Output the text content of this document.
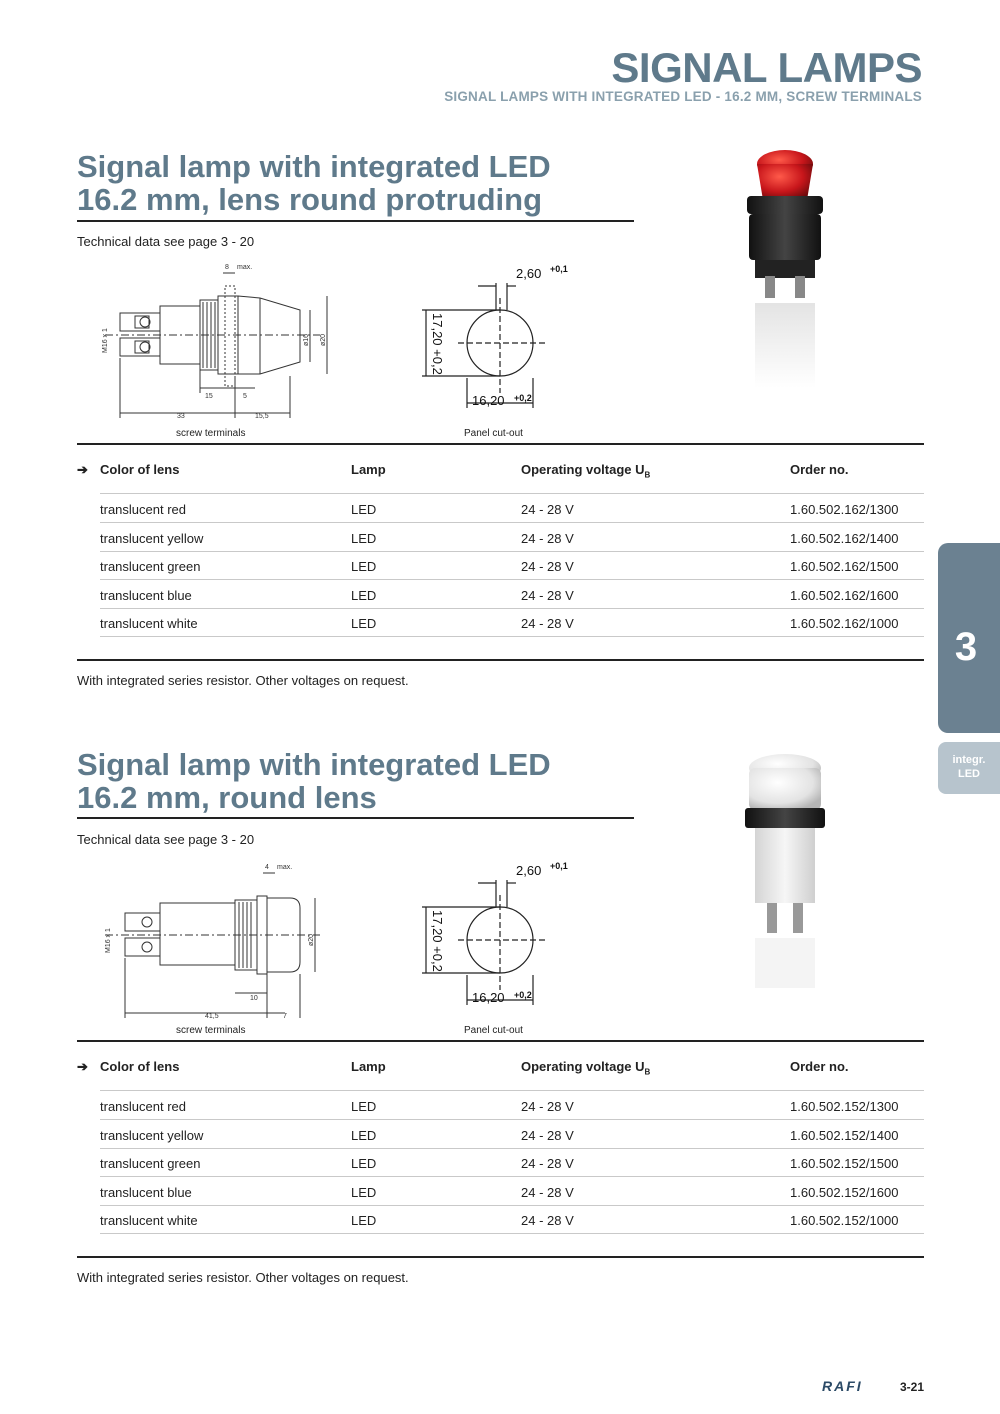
SIGNAL LAMPS
SIGNAL LAMPS WITH INTEGRATED LED - 16.2 MM, SCREW TERMINALS
3
integr. LED
Signal lamp with integrated LED
16.2 mm, lens round protruding
Technical data see page 3 - 20
8 max.
15	5
33	15,5
M16 x 1	ø16 ø20
screw terminals
2,60 +0,1
17,20 +0,2
16,20 +0,2
Panel cut-out
➔ Color of lens	Lamp	Operating voltage $U_B$	Order no.
translucent red	LED	24 - 28 V	1.60.502.162/1300
translucent yellow	LED	24 - 28 V	1.60.502.162/1400
translucent green	LED	24 - 28 V	1.60.502.162/1500
translucent blue	LED	24 - 28 V	1.60.502.162/1600
translucent white	LED	24 - 28 V	1.60.502.162/1000
With integrated series resistor. Other voltages on request.
Signal lamp with integrated LED
16.2 mm, round lens
Technical data see page 3 - 20
4 max.
10
41,5	7
M16 x 1	ø20
screw terminals
2,60 +0,1
17,20 +0,2
16,20 +0,2
Panel cut-out
➔ Color of lens	Lamp	Operating voltage $U_B$	Order no.
translucent red	LED	24 - 28 V	1.60.502.152/1300
translucent yellow	LED	24 - 28 V	1.60.502.152/1400
translucent green	LED	24 - 28 V	1.60.502.152/1500
translucent blue	LED	24 - 28 V	1.60.502.152/1600
translucent white	LED	24 - 28 V	1.60.502.152/1000
With integrated series resistor. Other voltages on request.
RAFI	3-21
